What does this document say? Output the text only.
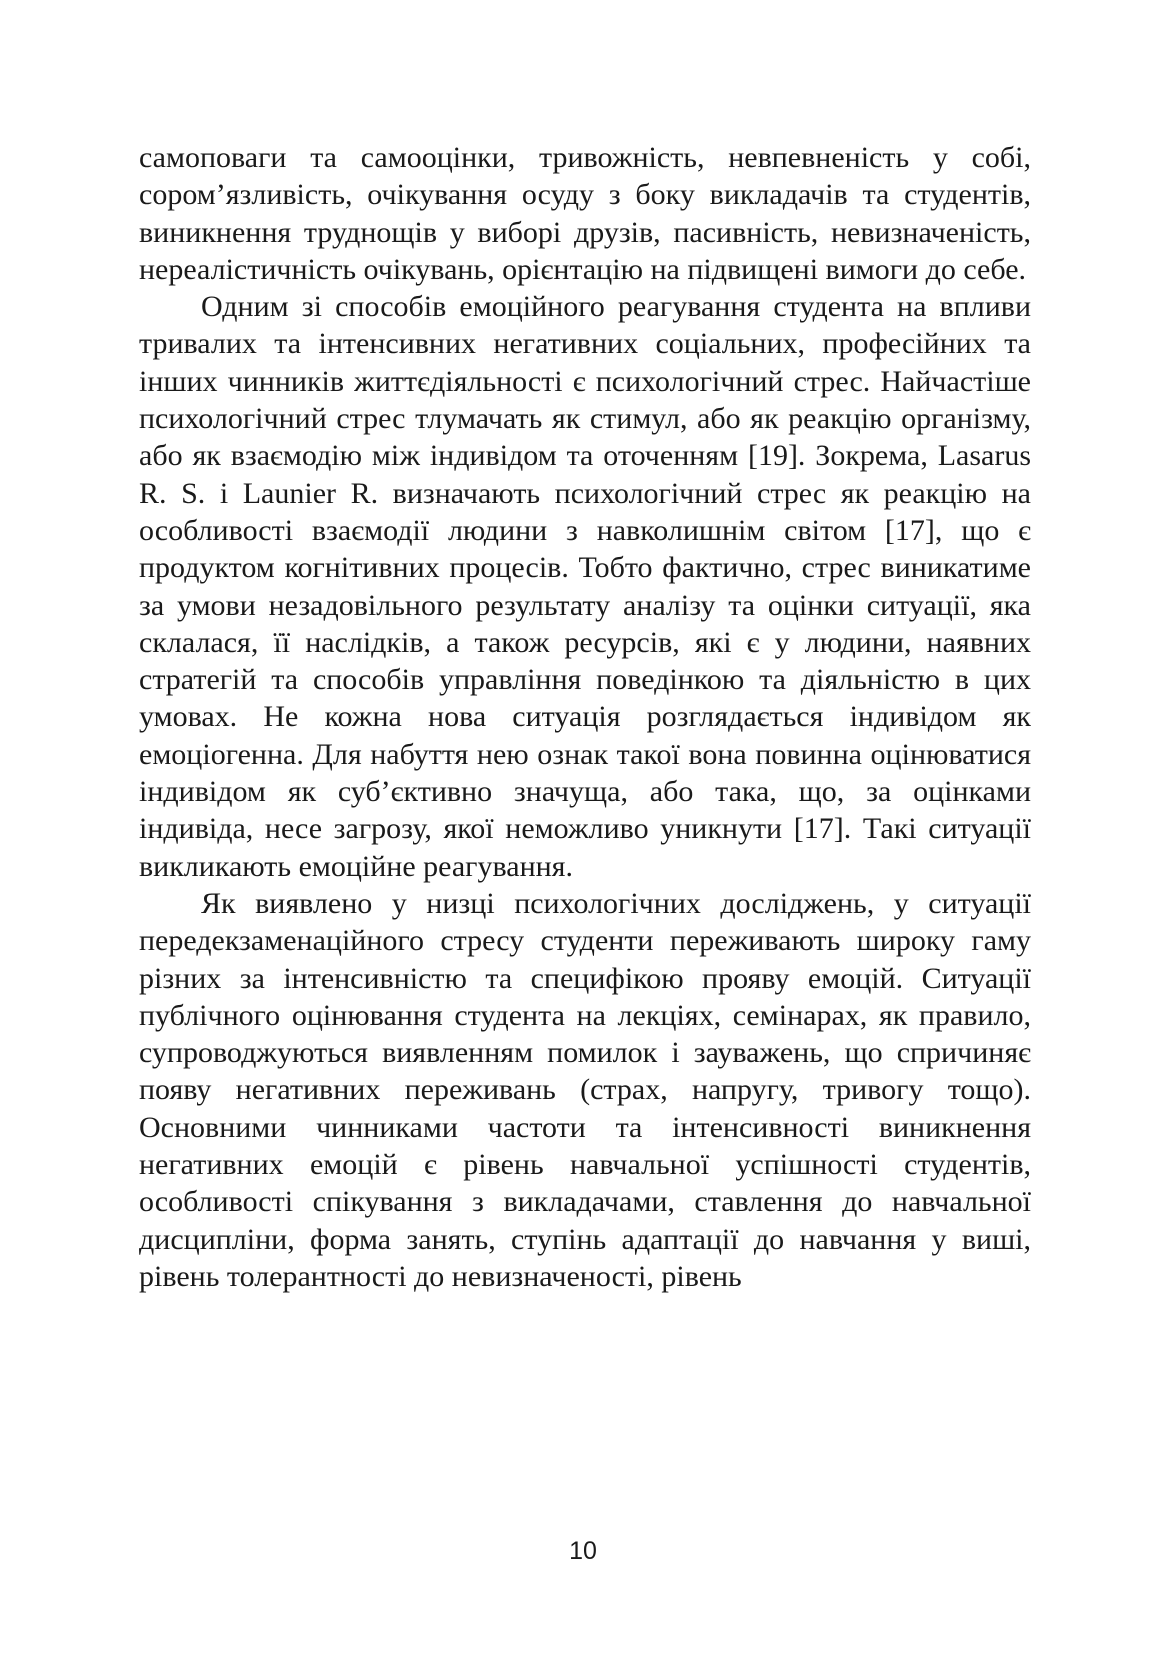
самоповаги та самооцінки, тривожність, невпевненість у собі, сором’язливість, очікування осуду з боку викладачів та студентів, виникнення труднощів у виборі друзів, пасивність, невизначеність, нереалістичність очікувань, орієнтацію на підвищені вимоги до себе.

Одним зі способів емоційного реагування студента на впливи тривалих та інтенсивних негативних соціальних, професійних та інших чинників життєдіяльності є психологічний стрес. Найчастіше психологічний стрес тлумачать як стимул, або як реакцію організму, або як взаємодію між індивідом та оточенням [19]. Зокрема, Lasarus R. S. і Launier R. визначають психологічний стрес як реакцію на особливості взаємодії людини з навколишнім світом [17], що є продуктом когнітивних процесів. Тобто фактично, стрес виникатиме за умови незадовільного результату аналізу та оцінки ситуації, яка склалася, її наслідків, а також ресурсів, які є у людини, наявних стратегій та способів управління поведінкою та діяльністю в цих умовах. Не кожна нова ситуація розглядається індивідом як емоціогенна. Для набуття нею ознак такої вона повинна оцінюватися індивідом як суб’єктивно значуща, або така, що, за оцінками індивіда, несе загрозу, якої неможливо уникнути [17]. Такі ситуації викликають емоційне реагування.

Як виявлено у низці психологічних досліджень, у ситуації передекзаменаційного стресу студенти переживають широку гаму різних за інтенсивністю та специфікою прояву емоцій. Ситуації публічного оцінювання студента на лекціях, семінарах, як правило, супроводжуються виявленням помилок і зауважень, що спричиняє появу негативних переживань (страх, напругу, тривогу тощо). Основними чинниками частоти та інтенсивності виникнення негативних емоцій є рівень навчальної успішності студентів, особливості спікування з викладачами, ставлення до навчальної дисципліни, форма занять, ступінь адаптації до навчання у виші, рівень толерантності до невизначеності, рівень

10
